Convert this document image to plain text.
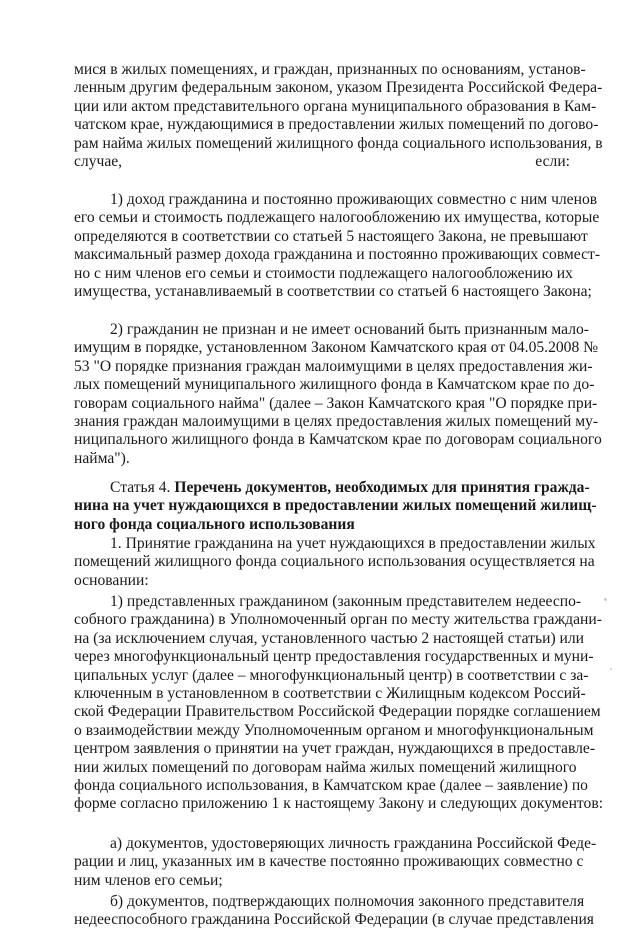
мися в жилых помещениях, и граждан, признанных по основаниям, установ-
ленным другим федеральным законом, указом Президента Российской Федера-
ции или актом представительного органа муниципального образования в Кам-
чатском крае, нуждающимися в предоставлении жилых помещений по догово-
рам найма жилых помещений жилищного фонда социального использования, в
случае, если:
1) доход гражданина и постоянно проживающих совместно с ним членов
его семьи и стоимость подлежащего налогообложению их имущества, которые
определяются в соответствии со статьей 5 настоящего Закона, не превышают
максимальный размер дохода гражданина и постоянно проживающих совмест-
но с ним членов его семьи и стоимости подлежащего налогообложению их
имущества, устанавливаемый в соответствии со статьей 6 настоящего Закона;
2) гражданин не признан и не имеет оснований быть признанным мало-
имущим в порядке, установленном Законом Камчатского края от 04.05.2008 №
53 "О порядке признания граждан малоимущими в целях предоставления жи-
лых помещений муниципального жилищного фонда в Камчатском крае по до-
говорам социального найма" (далее – Закон Камчатского края "О порядке при-
знания граждан малоимущими в целях предоставления жилых помещений му-
ниципального жилищного фонда в Камчатском крае по договорам социального
найма").
Статья 4. Перечень документов, необходимых для принятия гражда-
нина на учет нуждающихся в предоставлении жилых помещений жилищ-
ного фонда социального использования
1. Принятие гражданина на учет нуждающихся в предоставлении жилых
помещений жилищного фонда социального использования осуществляется на
основании:
1) представленных гражданином (законным представителем недееспо-
собного гражданина) в Уполномоченный орган по месту жительства граждани-
на (за исключением случая, установленного частью 2 настоящей статьи) или
через многофункциональный центр предоставления государственных и муни-
ципальных услуг (далее – многофункциональный центр) в соответствии с за-
ключенным в установленном в соответствии с Жилищным кодексом Россий-
ской Федерации Правительством Российской Федерации порядке соглашением
о взаимодействии между Уполномоченным органом и многофункциональным
центром заявления о принятии на учет граждан, нуждающихся в предоставле-
нии жилых помещений по договорам найма жилых помещений жилищного
фонда социального использования, в Камчатском крае (далее – заявление) по
форме согласно приложению 1 к настоящему Закону и следующих документов:
а) документов, удостоверяющих личность гражданина Российской Феде-
рации и лиц, указанных им в качестве постоянно проживающих совместно с
ним членов его семьи;
б) документов, подтверждающих полномочия законного представителя
недееспособного гражданина Российской Федерации (в случае представления
